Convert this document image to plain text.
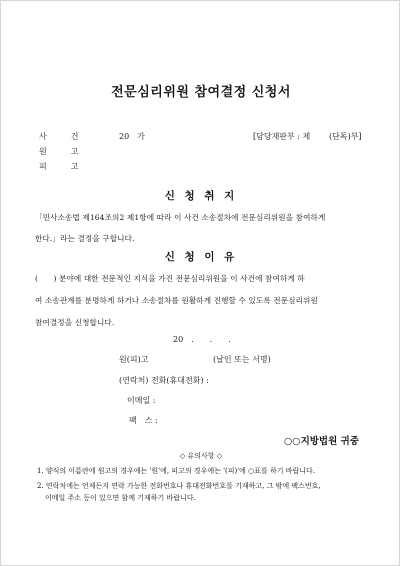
전문심리위원 참여결정 신청서
사　　　건	20　가	[담당재판부 : 제 (단독)부]
원　　　고
피　　　고
신 청 취 지
「민사소송법 제164조의2 제1항에 따라 이 사건 소송절차에 전문심리위원을 참여하게
한다.」라는 결정을 구합니다.
신 청 이 유
(　　) 분야에 대한 전문적인 지식을 가진 전문심리위원을 이 사건에 참여하게 하
여 소송관계를 분명하게 하거나 소송절차를 원활하게 진행할 수 있도록 전문심리위원
참여결정을 신청합니다.
20　.　　.　　.
원(피)고	(날인 또는 서명)
(연락처) 전화(휴대전화) :
이메일 :
팩　스 :
○○지방법원 귀중
◇ 유의사항 ◇
1. 양식의 이름란에 원고의 경우에는 '원'에, 피고의 경우에는 '(피)'에 ○표를 하기 바랍니다.
2. 연락처에는 언제든지 연락 가능한 전화번호나 휴대전화번호를 기재하고, 그 밖에 팩스번호,
이메일 주소 등이 있으면 함께 기재하기 바랍니다.
